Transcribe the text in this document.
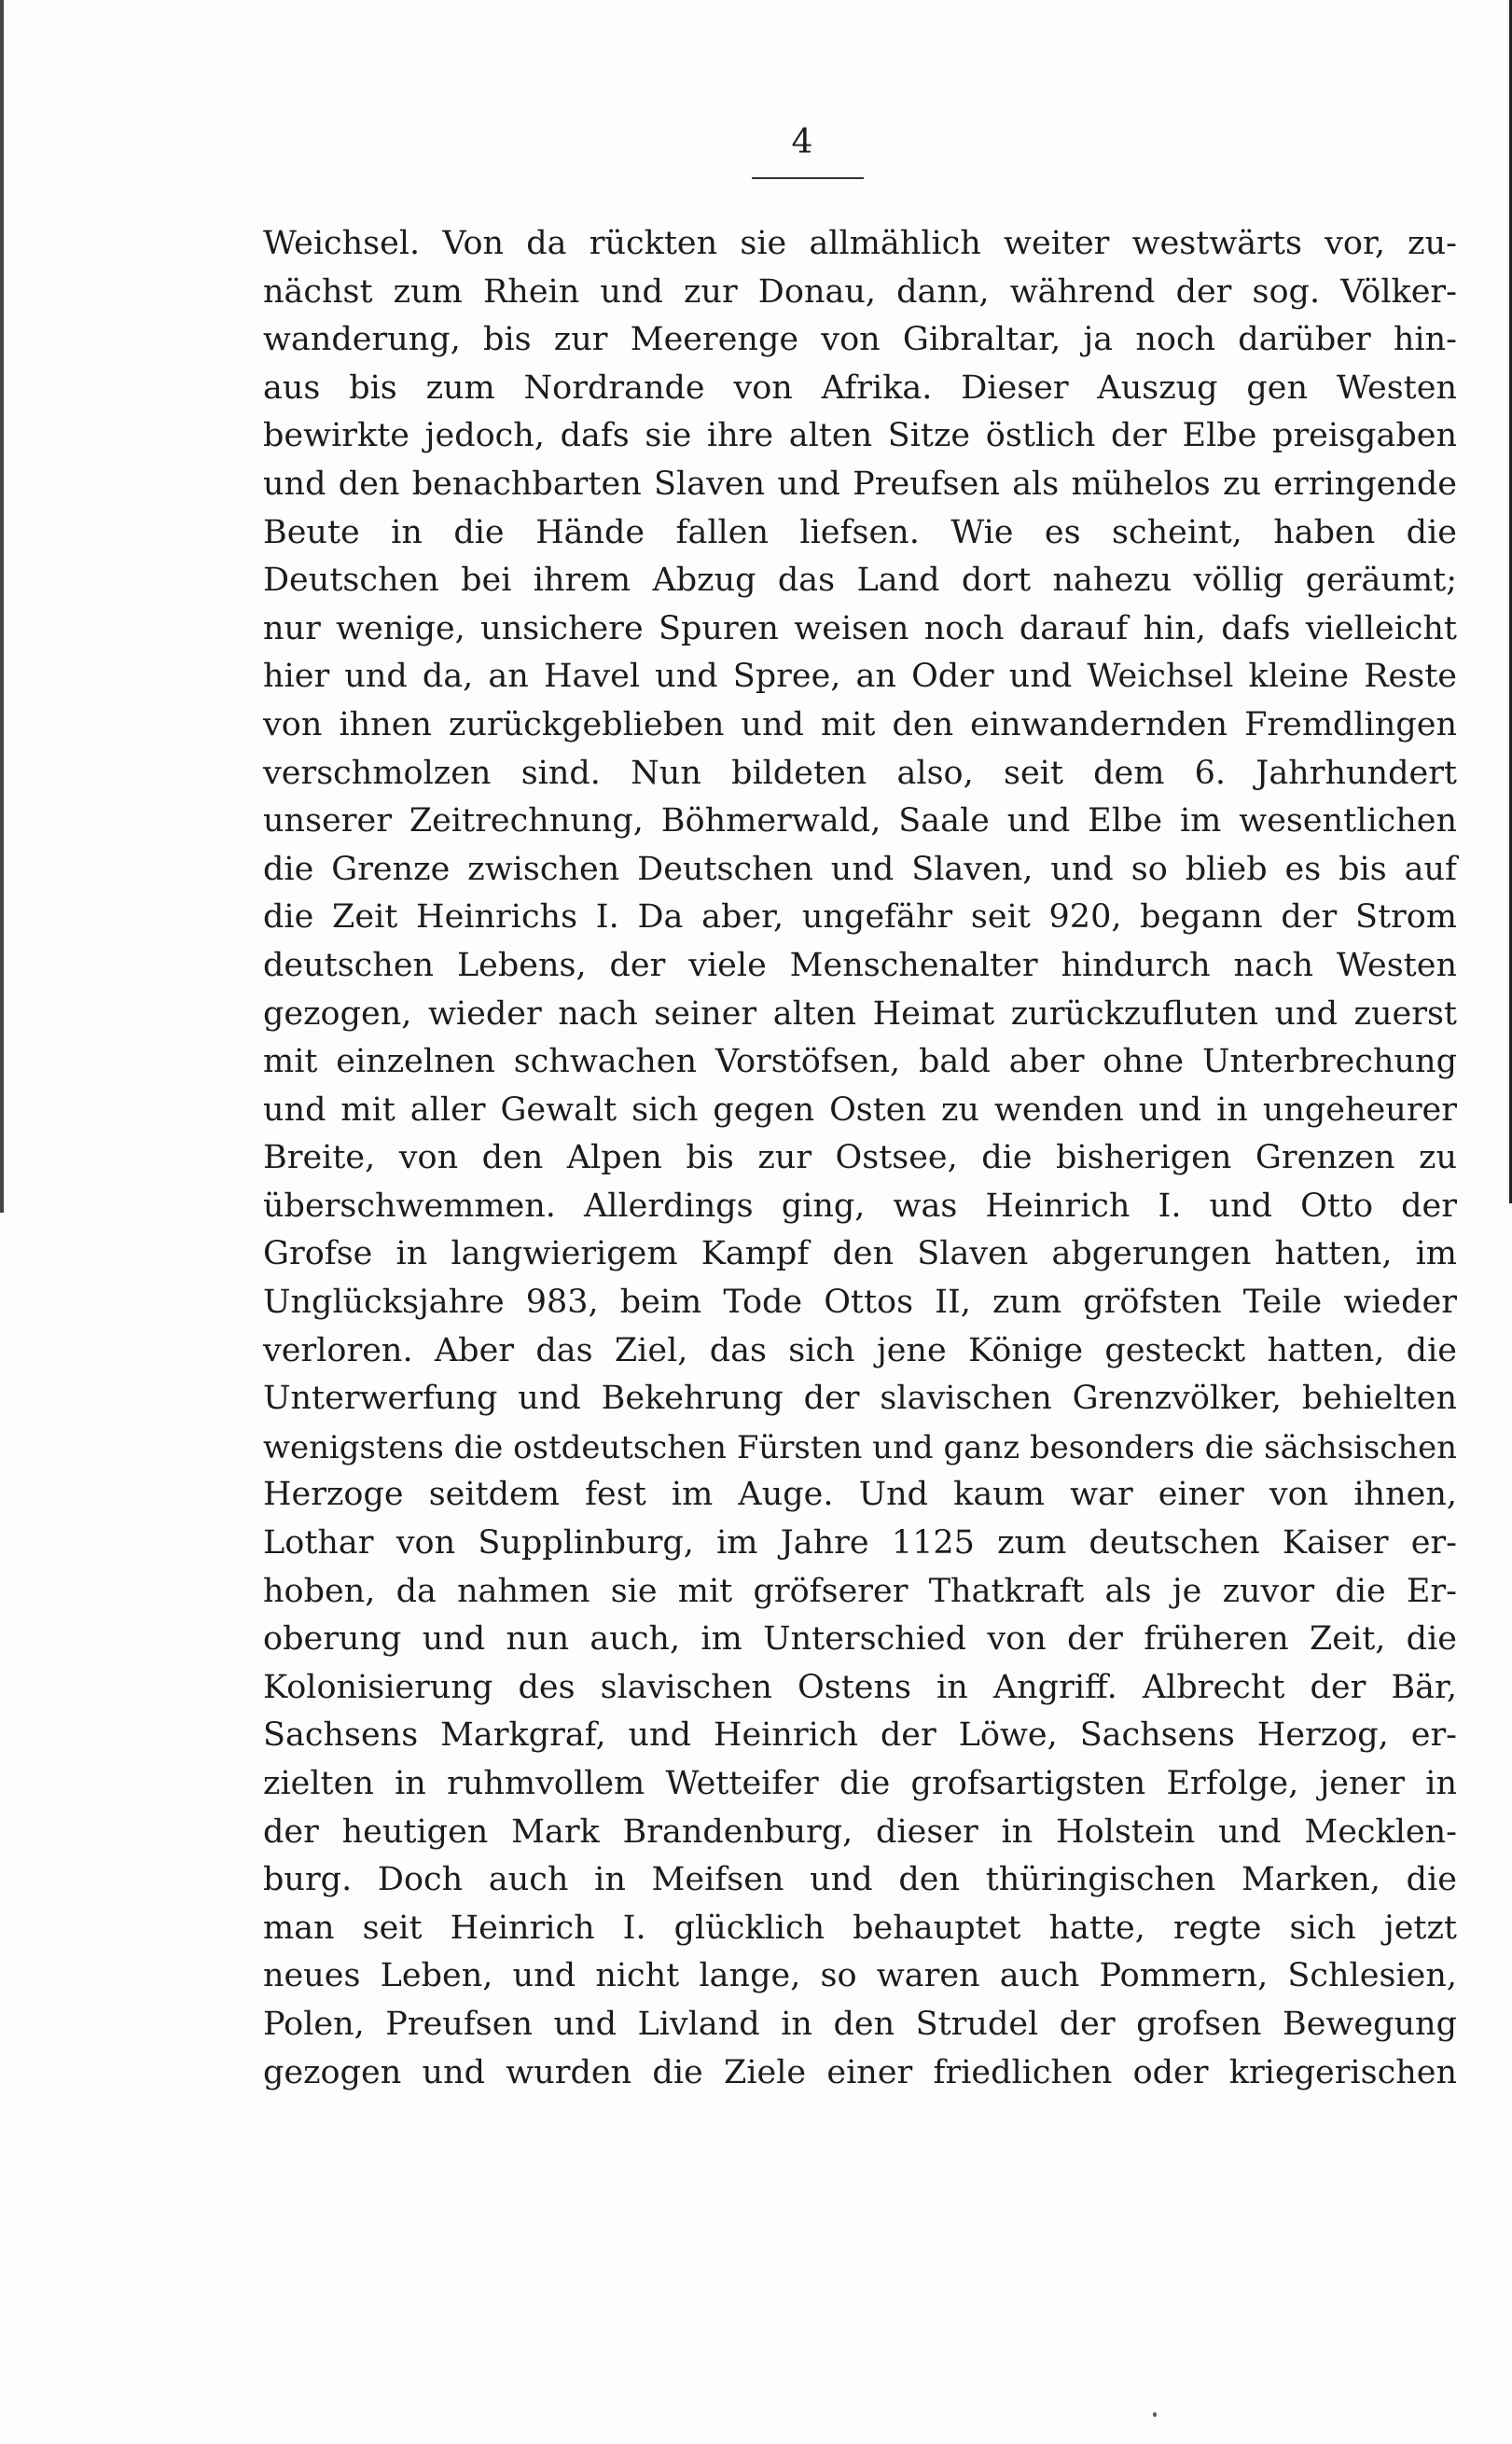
4

Weichsel. Von da rückten sie allmählich weiter westwärts vor, zu-
nächst zum Rhein und zur Donau, dann, während der sog. Völker-
wanderung, bis zur Meerenge von Gibraltar, ja noch darüber hin-
aus bis zum Nordrande von Afrika. Dieser Auszug gen Westen
bewirkte jedoch, dafs sie ihre alten Sitze östlich der Elbe preisgaben
und den benachbarten Slaven und Preufsen als mühelos zu erringende
Beute in die Hände fallen liefsen. Wie es scheint, haben die
Deutschen bei ihrem Abzug das Land dort nahezu völlig geräumt;
nur wenige, unsichere Spuren weisen noch darauf hin, dafs vielleicht
hier und da, an Havel und Spree, an Oder und Weichsel kleine Reste
von ihnen zurückgeblieben und mit den einwandernden Fremdlingen
verschmolzen sind. Nun bildeten also, seit dem 6. Jahrhundert
unserer Zeitrechnung, Böhmerwald, Saale und Elbe im wesentlichen
die Grenze zwischen Deutschen und Slaven, und so blieb es bis auf
die Zeit Heinrichs I. Da aber, ungefähr seit 920, begann der Strom
deutschen Lebens, der viele Menschenalter hindurch nach Westen
gezogen, wieder nach seiner alten Heimat zurückzufluten und zuerst
mit einzelnen schwachen Vorstöfsen, bald aber ohne Unterbrechung
und mit aller Gewalt sich gegen Osten zu wenden und in ungeheurer
Breite, von den Alpen bis zur Ostsee, die bisherigen Grenzen zu
überschwemmen. Allerdings ging, was Heinrich I. und Otto der
Grofse in langwierigem Kampf den Slaven abgerungen hatten, im
Unglücksjahre 983, beim Tode Ottos II, zum gröfsten Teile wieder
verloren. Aber das Ziel, das sich jene Könige gesteckt hatten, die
Unterwerfung und Bekehrung der slavischen Grenzvölker, behielten
wenigstens die ostdeutschen Fürsten und ganz besonders die sächsischen
Herzoge seitdem fest im Auge. Und kaum war einer von ihnen,
Lothar von Supplinburg, im Jahre 1125 zum deutschen Kaiser er-
hoben, da nahmen sie mit gröfserer Thatkraft als je zuvor die Er-
oberung und nun auch, im Unterschied von der früheren Zeit, die
Kolonisierung des slavischen Ostens in Angriff. Albrecht der Bär,
Sachsens Markgraf, und Heinrich der Löwe, Sachsens Herzog, er-
zielten in ruhmvollem Wetteifer die grofsartigsten Erfolge, jener in
der heutigen Mark Brandenburg, dieser in Holstein und Mecklen-
burg. Doch auch in Meifsen und den thüringischen Marken, die
man seit Heinrich I. glücklich behauptet hatte, regte sich jetzt
neues Leben, und nicht lange, so waren auch Pommern, Schlesien,
Polen, Preufsen und Livland in den Strudel der grofsen Bewegung
gezogen und wurden die Ziele einer friedlichen oder kriegerischen
